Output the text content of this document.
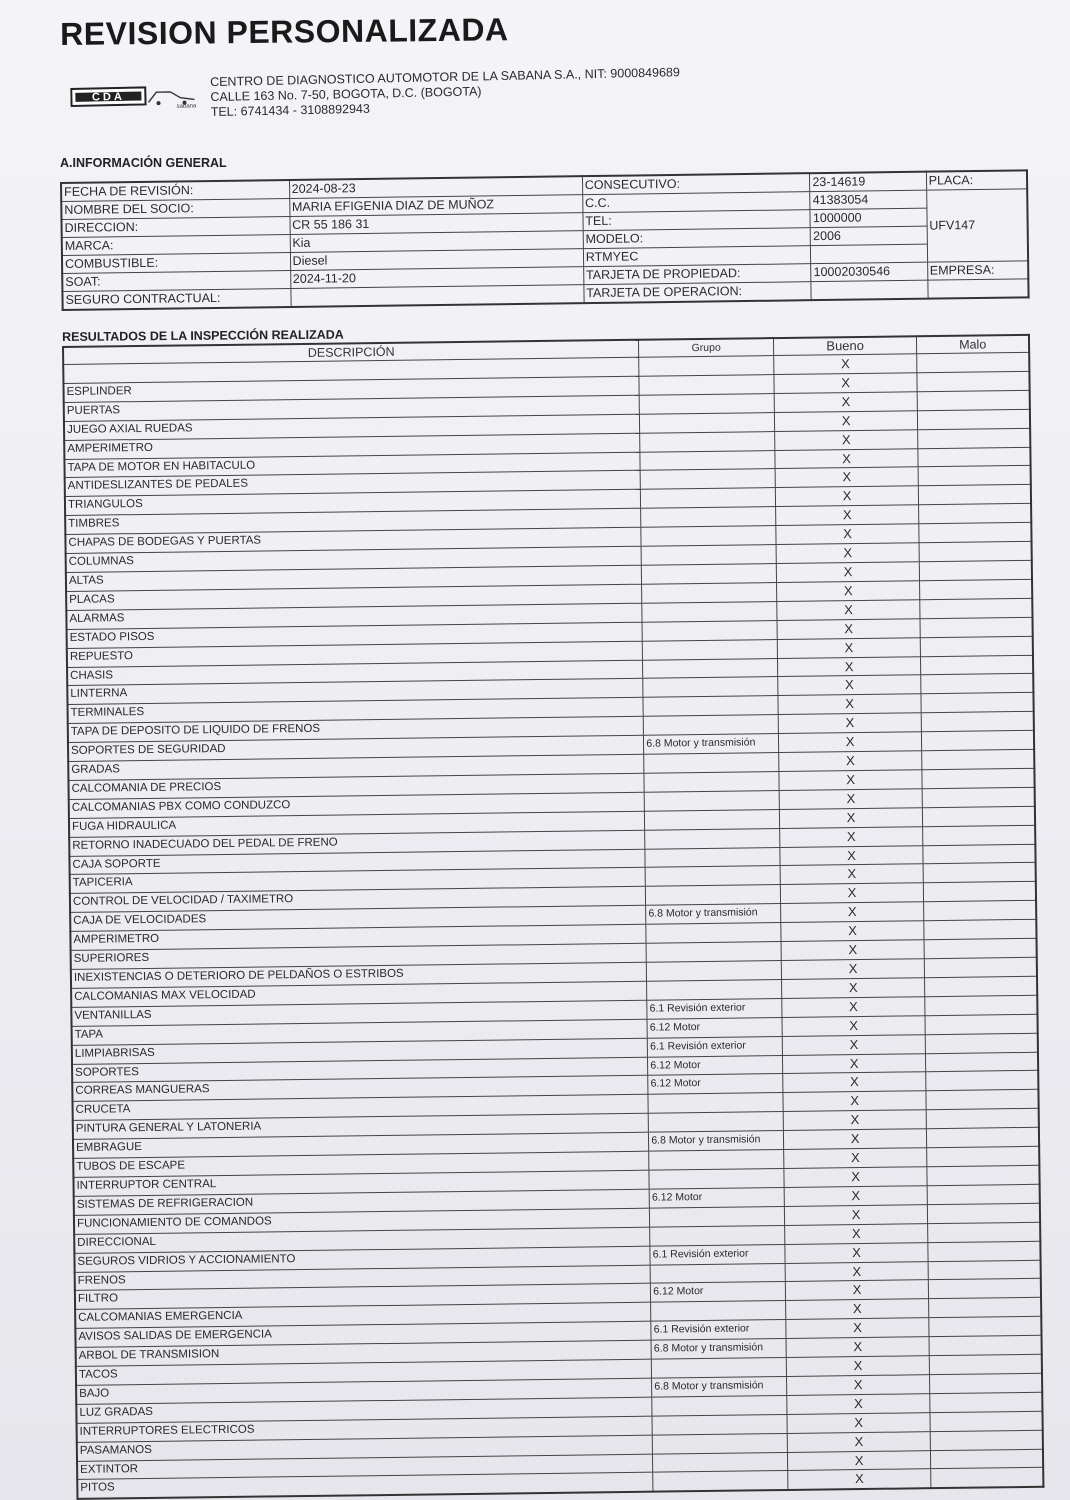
REVISION PERSONALIZADA
CDA
sabana
CENTRO DE DIAGNOSTICO AUTOMOTOR DE LA SABANA S.A., NIT: 9000849689
CALLE 163 No. 7-50, BOGOTA, D.C. (BOGOTA)
TEL: 6741434 - 3108892943
A.INFORMACIÓN GENERAL
FECHA DE REVISIÓN:	2024-08-23	CONSECUTIVO:	23-14619	PLACA:
NOMBRE DEL SOCIO:	MARIA EFIGENIA DIAZ DE MUÑOZ	C.C.	41383054	UFV147
DIRECCION:	CR 55 186 31	TEL:	1000000	
MARCA:	Kia	MODELO:	2006	
COMBUSTIBLE:	Diesel	RTMYEC		
SOAT:	2024-11-20	TARJETA DE PROPIEDAD:	10002030546	EMPRESA:
SEGURO CONTRACTUAL:		TARJETA DE OPERACION:		
RESULTADOS DE LA INSPECCIÓN REALIZADA
DESCRIPCIÓN	Grupo	Bueno	Malo
		X	
ESPLINDER		X	
PUERTAS		X	
JUEGO AXIAL RUEDAS		X	
AMPERIMETRO		X	
TAPA DE MOTOR EN HABITACULO		X	
ANTIDESLIZANTES DE PEDALES		X	
TRIANGULOS		X	
TIMBRES		X	
CHAPAS DE BODEGAS Y PUERTAS		X	
COLUMNAS		X	
ALTAS		X	
PLACAS		X	
ALARMAS		X	
ESTADO PISOS		X	
REPUESTO		X	
CHASIS		X	
LINTERNA		X	
TERMINALES		X	
TAPA DE DEPOSITO DE LIQUIDO DE FRENOS		X	
SOPORTES DE SEGURIDAD	6.8 Motor y transmisión	X	
GRADAS		X	
CALCOMANIA DE PRECIOS		X	
CALCOMANIAS PBX COMO CONDUZCO		X	
FUGA HIDRAULICA		X	
RETORNO INADECUADO DEL PEDAL DE FRENO		X	
CAJA SOPORTE		X	
TAPICERIA		X	
CONTROL DE VELOCIDAD / TAXIMETRO		X	
CAJA DE VELOCIDADES	6.8 Motor y transmisión	X	
AMPERIMETRO		X	
SUPERIORES		X	
INEXISTENCIAS O DETERIORO DE PELDAÑOS O ESTRIBOS		X	
CALCOMANIAS MAX VELOCIDAD		X	
VENTANILLAS	6.1 Revisión exterior	X	
TAPA	6.12 Motor	X	
LIMPIABRISAS	6.1 Revisión exterior	X	
SOPORTES	6.12 Motor	X	
CORREAS MANGUERAS	6.12 Motor	X	
CRUCETA		X	
PINTURA GENERAL Y LATONERIA		X	
EMBRAGUE	6.8 Motor y transmisión	X	
TUBOS DE ESCAPE		X	
INTERRUPTOR CENTRAL		X	
SISTEMAS DE REFRIGERACION	6.12 Motor	X	
FUNCIONAMIENTO DE COMANDOS		X	
DIRECCIONAL		X	
SEGUROS VIDRIOS Y ACCIONAMIENTO	6.1 Revisión exterior	X	
FRENOS		X	
FILTRO	6.12 Motor	X	
CALCOMANIAS EMERGENCIA		X	
AVISOS SALIDAS DE EMERGENCIA	6.1 Revisión exterior	X	
ARBOL DE TRANSMISION	6.8 Motor y transmisión	X	
TACOS		X	
BAJO	6.8 Motor y transmisión	X	
LUZ GRADAS		X	
INTERRUPTORES ELECTRICOS		X	
PASAMANOS		X	
EXTINTOR		X	
PITOS		X	
